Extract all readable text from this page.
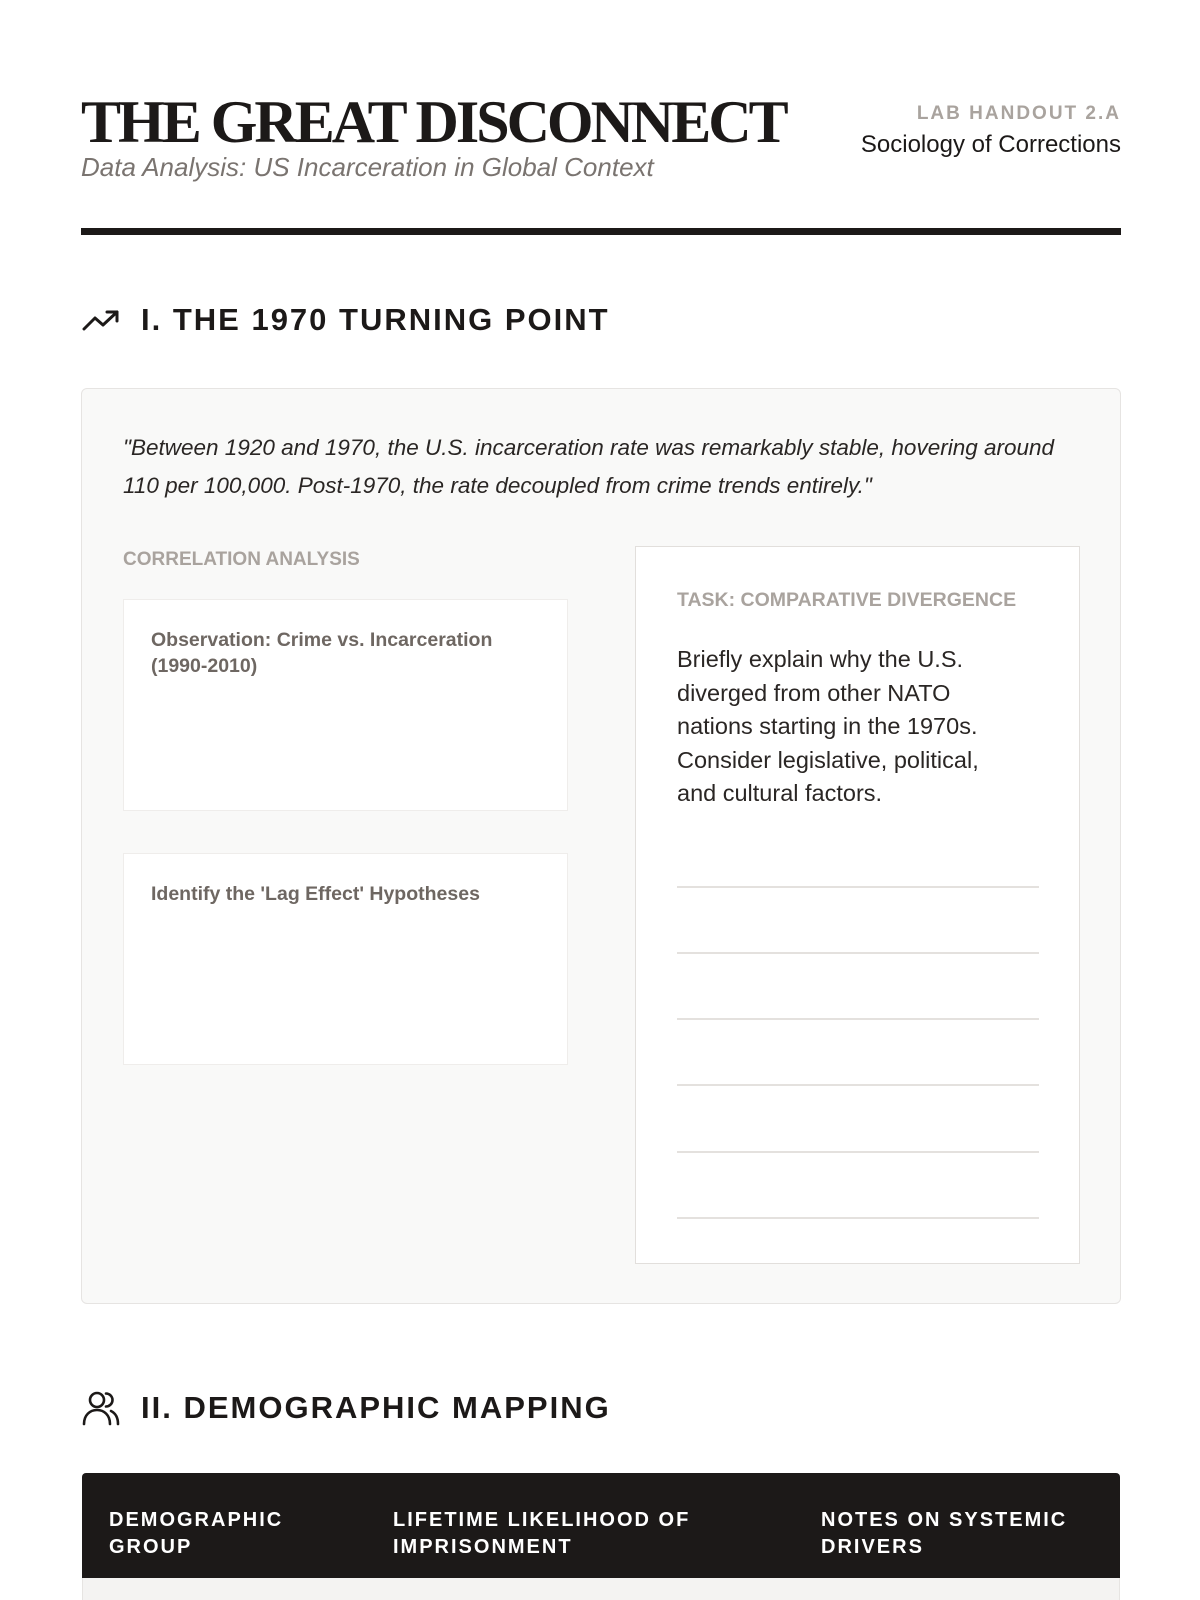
THE GREAT DISCONNECT
Data Analysis: US Incarceration in Global Context
LAB HANDOUT 2.A
Sociology of Corrections
I. THE 1970 TURNING POINT

"Between 1920 and 1970, the U.S. incarceration rate was remarkably stable, hovering around 110 per 100,000. Post-1970, the rate decoupled from crime trends entirely."

CORRELATION ANALYSIS
Observation: Crime vs. Incarceration (1990-2010)
Identify the 'Lag Effect' Hypotheses
TASK: COMPARATIVE DIVERGENCE

Briefly explain why the U.S. diverged from other NATO nations starting in the 1970s. Consider legislative, political, and cultural factors.

II. DEMOGRAPHIC MAPPING
DEMOGRAPHIC GROUP
LIFETIME LIKELIHOOD OF IMPRISONMENT
NOTES ON SYSTEMIC DRIVERS
